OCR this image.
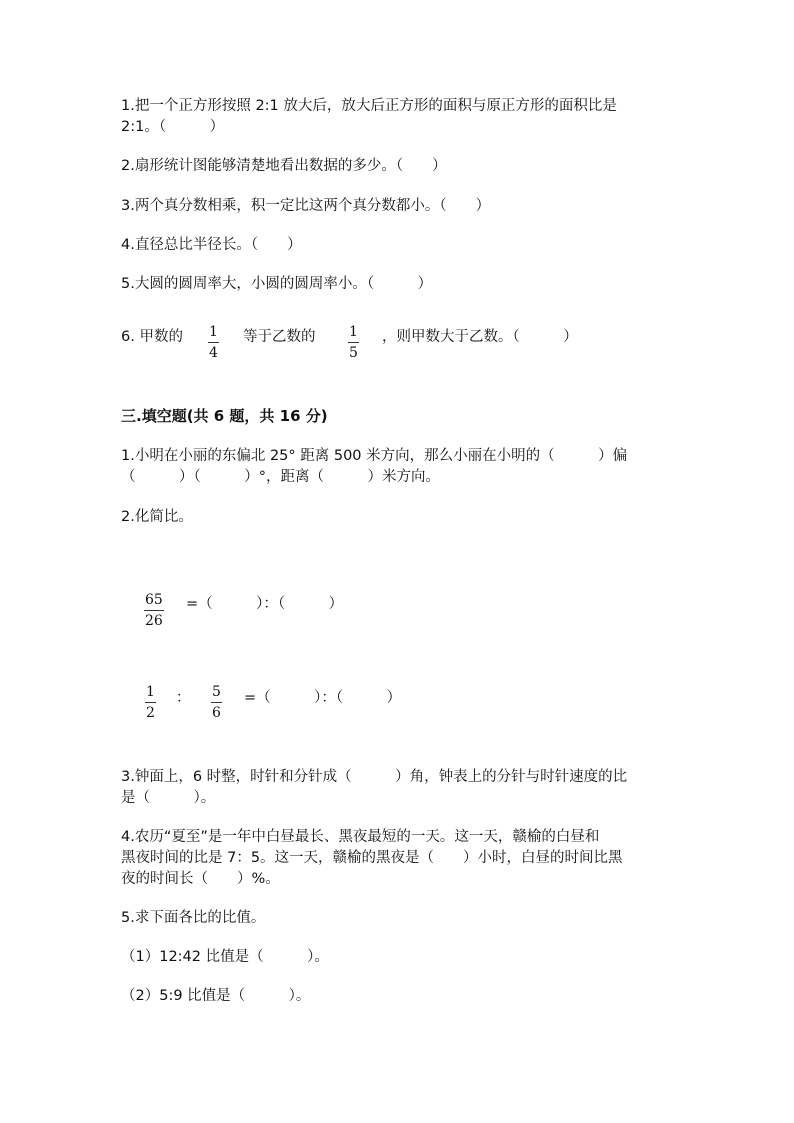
1.把一个正方形按照 2:1 放大后，放大后正方形的面积与原正方形的面积比是
2:1。（　　　）
2.扇形统计图能够清楚地看出数据的多少。（　　）
3.两个真分数相乘，积一定比这两个真分数都小。（　　）
4.直径总比半径长。（　　）
5.大圆的圆周率大，小圆的圆周率小。（　　　）
6. 甲数的 1
4
等于乙数的 1
5
，则甲数大于乙数。（　　　）
三.填空题(共 6 题，共 16 分)
1.小明在小丽的东偏北 25° 距离 500 米方向，那么小丽在小明的（　　　）偏
（　　　）（　　　）°，距离（　　　）米方向。
2.化简比。
65
26
=（　　　）：（　　　）
1
2
： 5
6
=（　　　）：（　　　）
3.钟面上，6 时整，时针和分针成（　　　）角，钟表上的分针与时针速度的比
是（　　　）。
4.农历“夏至”是一年中白昼最长、黑夜最短的一天。这一天，赣榆的白昼和
黑夜时间的比是 7：5。这一天，赣榆的黑夜是（　　）小时，白昼的时间比黑
夜的时间长（　　）%。
5.求下面各比的比值。
（1）12:42 比值是（　　　）。
（2）5:9 比值是（　　　）。
